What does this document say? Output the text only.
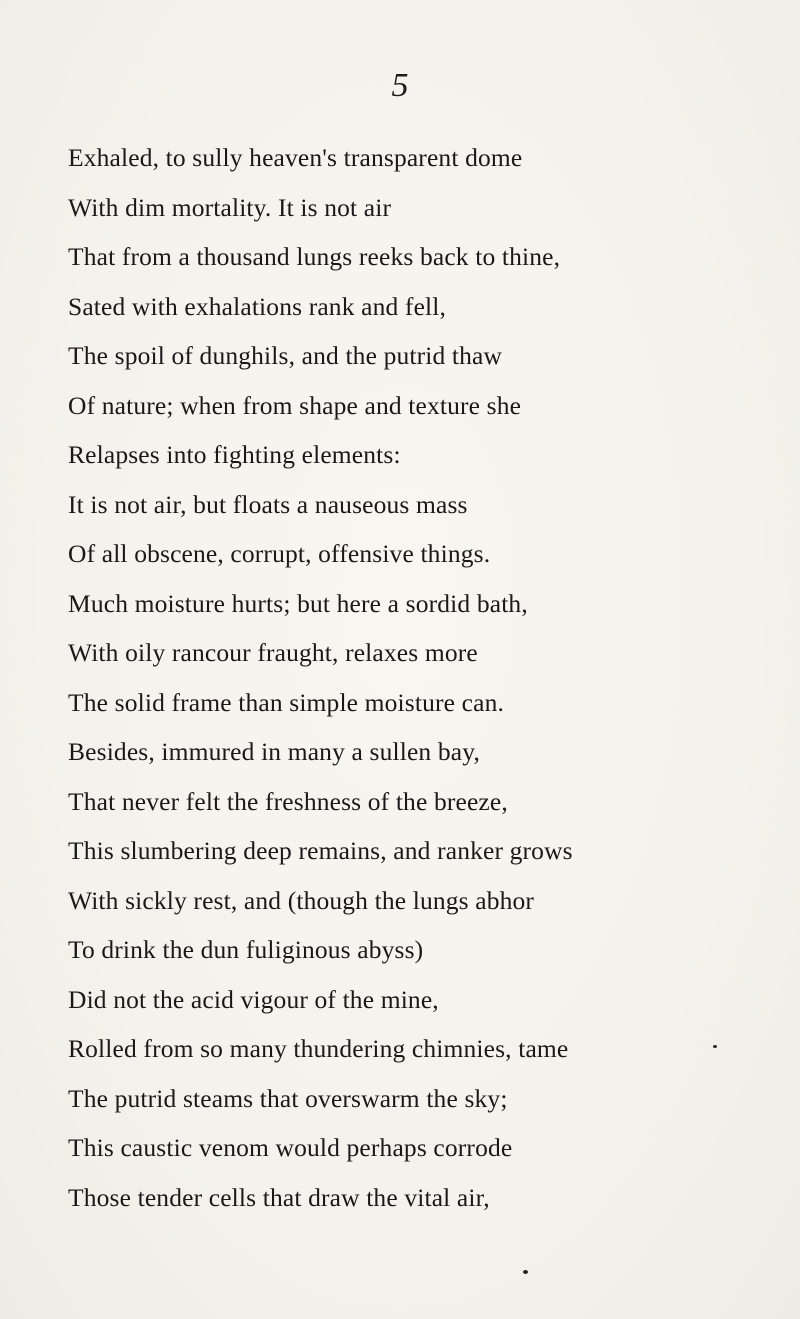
5
Exhaled, to sully heaven's transparent dome
With dim mortality. It is not air
That from a thousand lungs reeks back to thine,
Sated with exhalations rank and fell,
The spoil of dunghils, and the putrid thaw
Of nature; when from shape and texture she
Relapses into fighting elements:
It is not air, but floats a nauseous mass
Of all obscene, corrupt, offensive things.
Much moisture hurts; but here a sordid bath,
With oily rancour fraught, relaxes more
The solid frame than simple moisture can.
Besides, immured in many a sullen bay,
That never felt the freshness of the breeze,
This slumbering deep remains, and ranker grows
With sickly rest, and (though the lungs abhor
To drink the dun fuliginous abyss)
Did not the acid vigour of the mine,
Rolled from so many thundering chimnies, tame
The putrid steams that overswarm the sky;
This caustic venom would perhaps corrode
Those tender cells that draw the vital air,
